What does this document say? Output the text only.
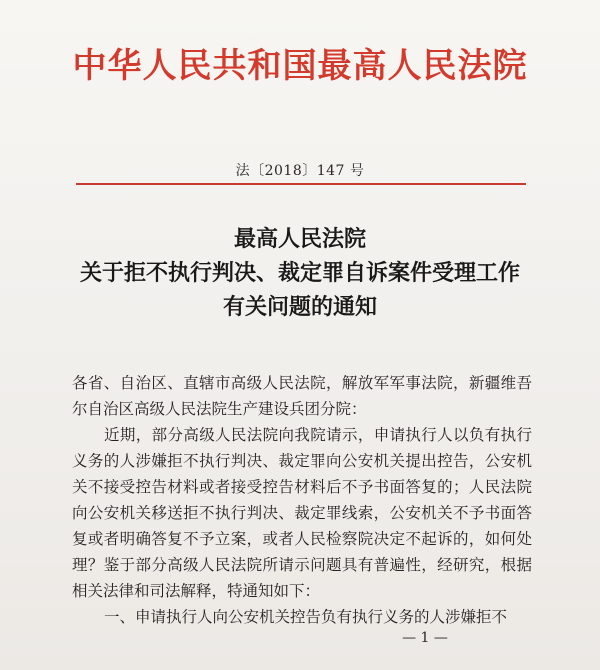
中华人民共和国最高人民法院
法〔2018〕147 号
最高人民法院
关于拒不执行判决、裁定罪自诉案件受理工作
有关问题的通知

各省、自治区、直辖市高级人民法院，解放军军事法院，新疆维吾尔自治区高级人民法院生产建设兵团分院：

近期，部分高级人民法院向我院请示，申请执行人以负有执行义务的人涉嫌拒不执行判决、裁定罪向公安机关提出控告，公安机关不接受控告材料或者接受控告材料后不予书面答复的；人民法院向公安机关移送拒不执行判决、裁定罪线索，公安机关不予书面答复或者明确答复不予立案，或者人民检察院决定不起诉的，如何处理？鉴于部分高级人民法院所请示问题具有普遍性，经研究，根据相关法律和司法解释，特通知如下：

一、申请执行人向公安机关控告负有执行义务的人涉嫌拒不

— 1 —
